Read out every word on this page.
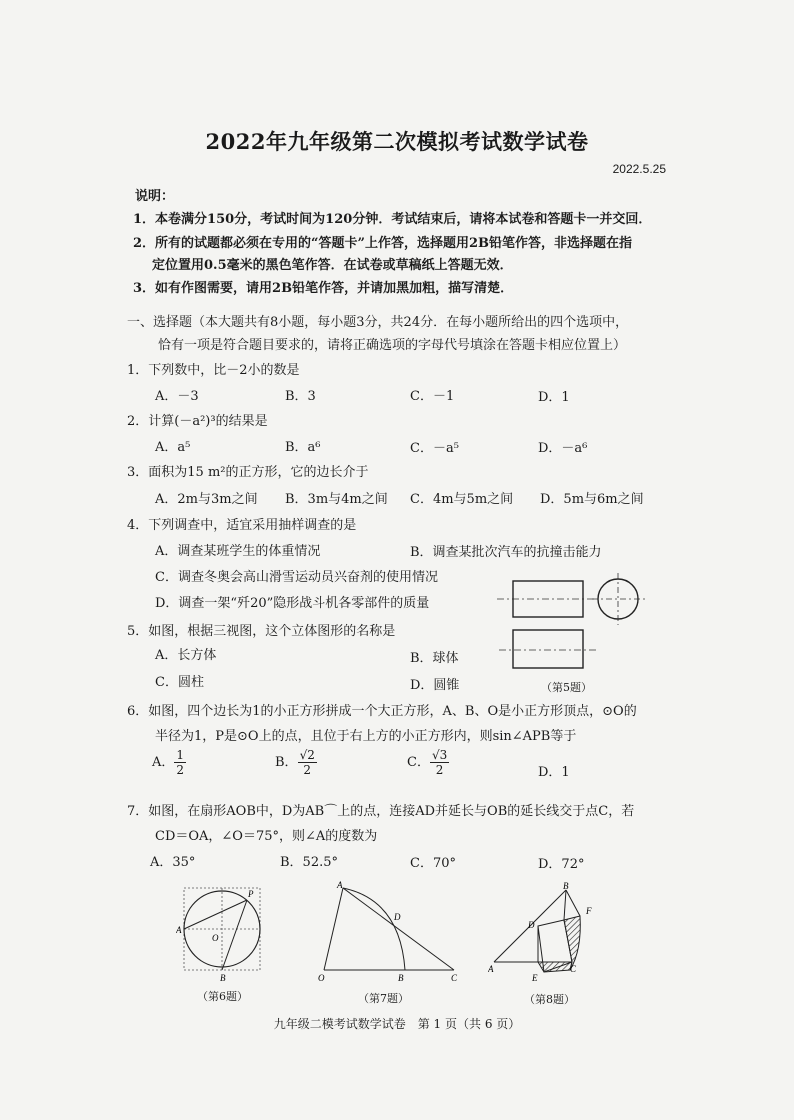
2022年九年级第二次模拟考试数学试卷
2022.5.25
说明：
1．本卷满分150分，考试时间为120分钟．考试结束后，请将本试卷和答题卡一并交回．
2．所有的试题都必须在专用的“答题卡”上作答，选择题用2B铅笔作答，非选择题在指
定位置用0.5毫米的黑色笔作答．在试卷或草稿纸上答题无效．
3．如有作图需要，请用2B铅笔作答，并请加黑加粗，描写清楚．
一、选择题（本大题共有8小题，每小题3分，共24分．在每小题所给出的四个选项中，
恰有一项是符合题目要求的，请将正确选项的字母代号填涂在答题卡相应位置上）
1．下列数中，比－2小的数是
A．－3	B．3	C．－1	D．1
2．计算(－a²)³的结果是
A．a⁵	B．a⁶	C．－a⁵	D．－a⁶
3．面积为15 m²的正方形，它的边长介于
A．2m与3m之间 B．3m与4m之间 C．4m与5m之间 D．5m与6m之间
4．下列调查中，适宜采用抽样调查的是
A．调查某班学生的体重情况	B．调查某批次汽车的抗撞击能力
C．调查冬奥会高山滑雪运动员兴奋剂的使用情况
D．调查一架“歼20”隐形战斗机各零部件的质量
（第5题）
5．如图，根据三视图，这个立体图形的名称是
A．长方体	B．球体
C．圆柱	D．圆锥
6．如图，四个边长为1的小正方形拼成一个大正方形，A、B、O是小正方形顶点，⊙O的
半径为1，P是⊙O上的点，且位于右上方的小正方形内，则sin∠APB等于
A． $\frac{1}{2}$	B． $\frac{√2}{2}$	C． $\frac{√3}{2}$	D．1
7．如图，在扇形AOB中，D为AB⌒上的点，连接AD并延长与OB的延长线交于点C，若
CD＝OA，∠O＝75°，则∠A的度数为
A．35°	B．52.5°	C．70°	D．72°
A
O
P
B
（第6题）
A
D
O	B	C
（第7题）
A
B
D
F
E
C
（第8题）
九年级二模考试数学试卷　第 1 页（共 6 页）
